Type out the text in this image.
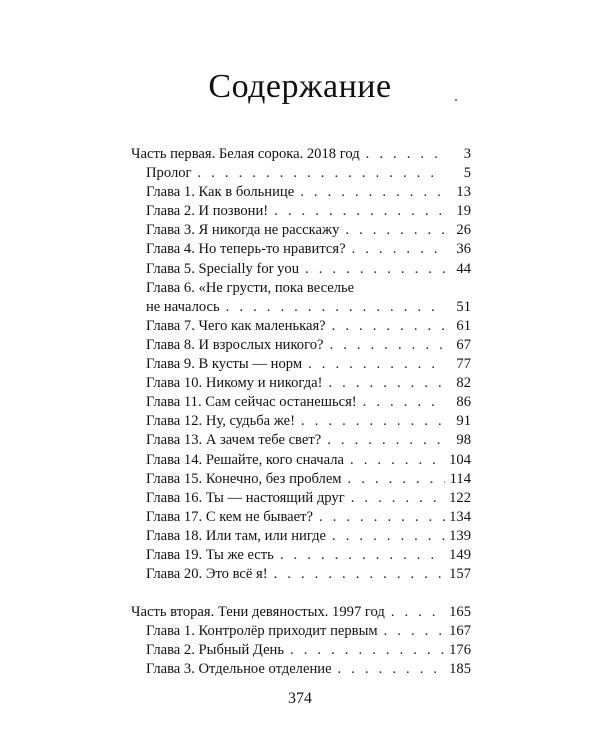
Содержание
Часть первая. Белая сорока. 2018 год . . .	3
Пролог . . .	5
Глава 1. Как в больнице . . .	13
Глава 2. И позвони! . . .	19
Глава 3. Я никогда не расскажу . . .	26
Глава 4. Но теперь-то нравится? . . .	36
Глава 5. Specially for you . . .	44
Глава 6. «Не грусти, пока веселье
не началось . . .	51
Глава 7. Чего как маленькая? . . .	61
Глава 8. И взрослых никого? . . .	67
Глава 9. В кусты — норм . . .	77
Глава 10. Никому и никогда! . . .	82
Глава 11. Сам сейчас останешься! . . .	86
Глава 12. Ну, судьба же! . . .	91
Глава 13. А зачем тебе свет? . . .	98
Глава 14. Решайте, кого сначала . . .	104
Глава 15. Конечно, без проблем . . .	114
Глава 16. Ты — настоящий друг . . .	122
Глава 17. С кем не бывает? . . .	134
Глава 18. Или там, или нигде . . .	139
Глава 19. Ты же есть . . .	149
Глава 20. Это всё я! . . .	157
Часть вторая. Тени девяностых. 1997 год . . .	165
Глава 1. Контролёр приходит первым . . .	167
Глава 2. Рыбный День . . .	176
Глава 3. Отдельное отделение . . .	185
374
